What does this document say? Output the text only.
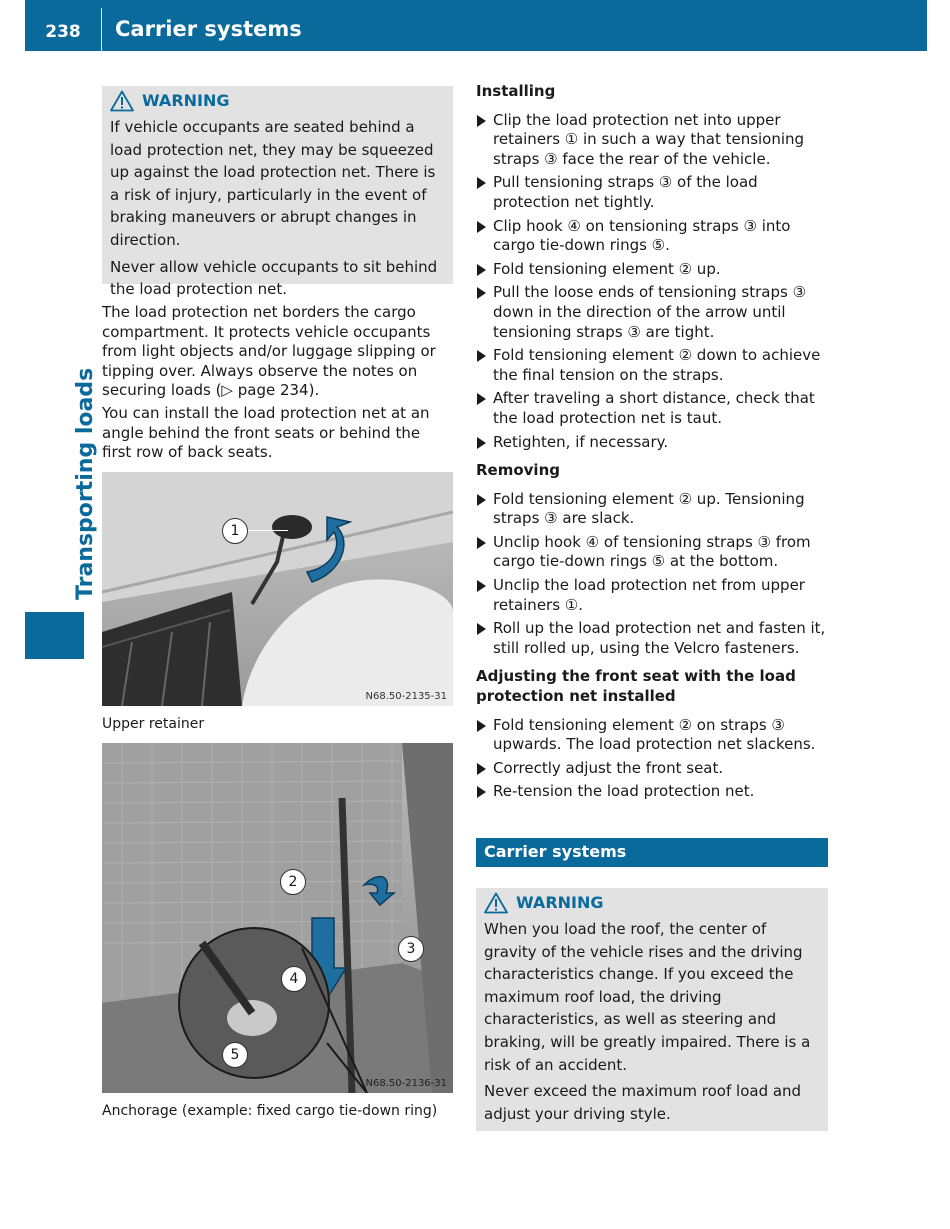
238	Carrier systems
Transporting loads
WARNING

If vehicle occupants are seated behind a load protection net, they may be squeezed up against the load protection net. There is a risk of injury, particularly in the event of braking maneuvers or abrupt changes in direction.

Never allow vehicle occupants to sit behind the load protection net.

The load protection net borders the cargo compartment. It protects vehicle occupants from light objects and/or luggage slipping or tipping over. Always observe the notes on securing loads (▷ page 234).

You can install the load protection net at an angle behind the front seats or behind the first row of back seats.

1
N68.50-2135-31
Upper retainer
2
3
4
5
N68.50-2136-31
Anchorage (example: fixed cargo tie-down ring)
Installing
Clip the load protection net into upper retainers ① in such a way that tensioning straps ③ face the rear of the vehicle.
Pull tensioning straps ③ of the load protection net tightly.
Clip hook ④ on tensioning straps ③ into cargo tie-down rings ⑤.
Fold tensioning element ② up.
Pull the loose ends of tensioning straps ③ down in the direction of the arrow until tensioning straps ③ are tight.
Fold tensioning element ② down to achieve the final tension on the straps.
After traveling a short distance, check that the load protection net is taut.
Retighten, if necessary.
Removing
Fold tensioning element ② up. Tensioning straps ③ are slack.
Unclip hook ④ of tensioning straps ③ from cargo tie-down rings ⑤ at the bottom.
Unclip the load protection net from upper retainers ①.
Roll up the load protection net and fasten it, still rolled up, using the Velcro fasteners.
Adjusting the front seat with the load protection net installed
Fold tensioning element ② on straps ③ upwards. The load protection net slackens.
Correctly adjust the front seat.
Re-tension the load protection net.
Carrier systems
WARNING

When you load the roof, the center of gravity of the vehicle rises and the driving characteristics change. If you exceed the maximum roof load, the driving characteristics, as well as steering and braking, will be greatly impaired. There is a risk of an accident.

Never exceed the maximum roof load and adjust your driving style.
